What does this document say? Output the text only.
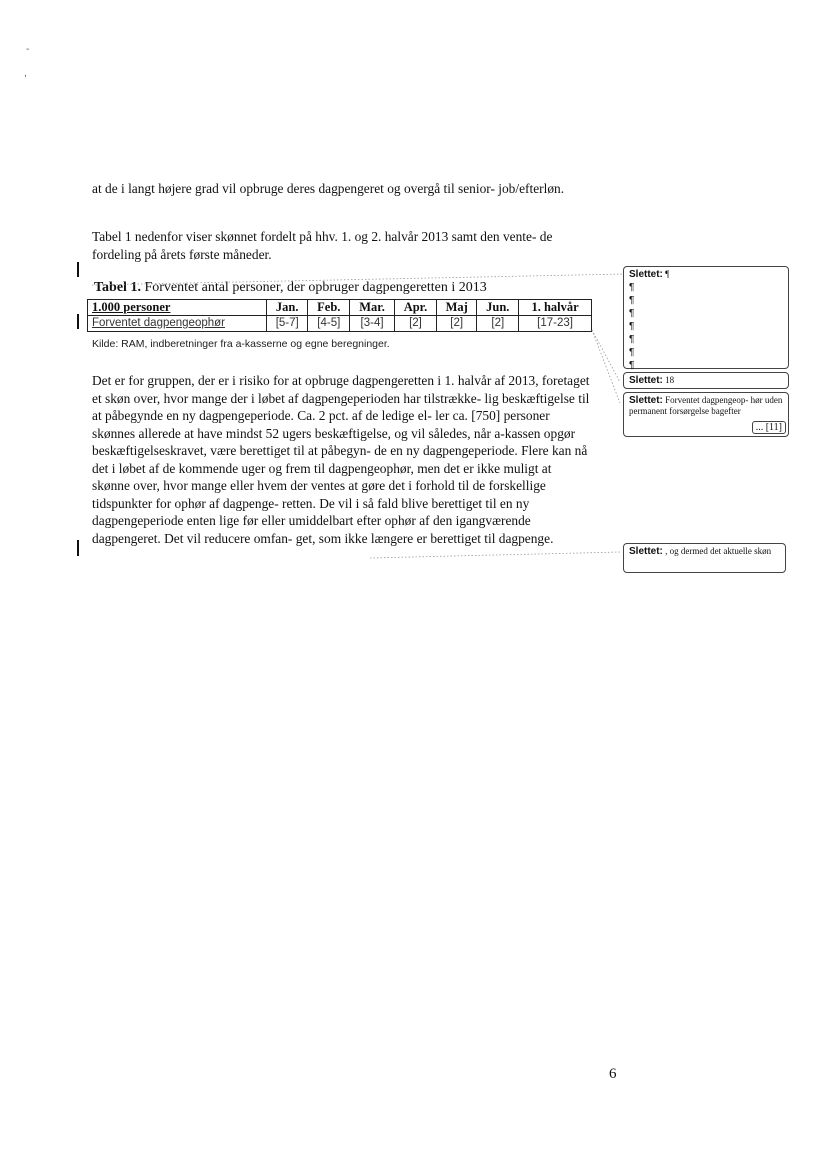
-
,

at de i langt højere grad vil opbruge deres dagpengeret og overgå til senior- job/efterløn.

Tabel 1 nedenfor viser skønnet fordelt på hhv. 1. og 2. halvår 2013 samt den vente- de fordeling på årets første måneder.

Tabel 1. Forventet antal personer, der opbruger dagpengeretten i 2013
1.000 personer	Jan.	Feb.	Mar.	Apr.	Maj	Jun.	1. halvår
Forventet dagpengeophør	[5-7]	[4-5]	[3-4]	[2]	[2]	[2]	[17-23]
Kilde: RAM, indberetninger fra a-kasserne og egne beregninger.

Det er for gruppen, der er i risiko for at opbruge dagpengeretten i 1. halvår af 2013, foretaget et skøn over, hvor mange der i løbet af dagpengeperioden har tilstrække- lig beskæftigelse til at påbegynde en ny dagpengeperiode. Ca. 2 pct. af de ledige el- ler ca. [750] personer skønnes allerede at have mindst 52 ugers beskæftigelse, og vil således, når a-kassen opgør beskæftigelseskravet, være berettiget til at påbegyn- de en ny dagpengeperiode. Flere kan nå det i løbet af de kommende uger og frem til dagpengeophør, men det er ikke muligt at skønne over, hvor mange eller hvem der ventes at gøre det i forhold til de forskellige tidspunkter for ophør af dagpenge- retten. De vil i så fald blive berettiget til en ny dagpengeperiode enten lige før eller umiddelbart efter ophør af den igangværende dagpengeret. Det vil reducere omfan- get, som ikke længere er berettiget til dagpenge.

Slettet: ¶
¶
¶
¶
¶
¶
¶
¶
Slettet: 18
Slettet: Forventet dagpengeop- hør uden permanent forsørgelse bagefter
... [11]
Slettet: , og dermed det aktuelle skøn
6
